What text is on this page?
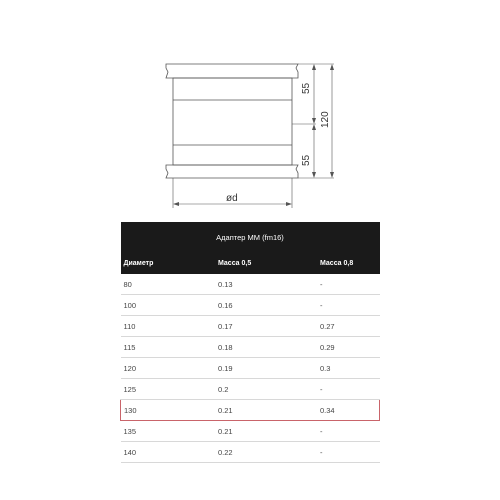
55
55
120
ød
Адаптер ММ (fm16)		
Диаметр	Масса 0,5	Масса 0,8
80	0.13	-
100	0.16	-
110	0.17	0.27
115	0.18	0.29
120	0.19	0.3
125	0.2	-
130	0.21	0.34
135	0.21	-
140	0.22	-
